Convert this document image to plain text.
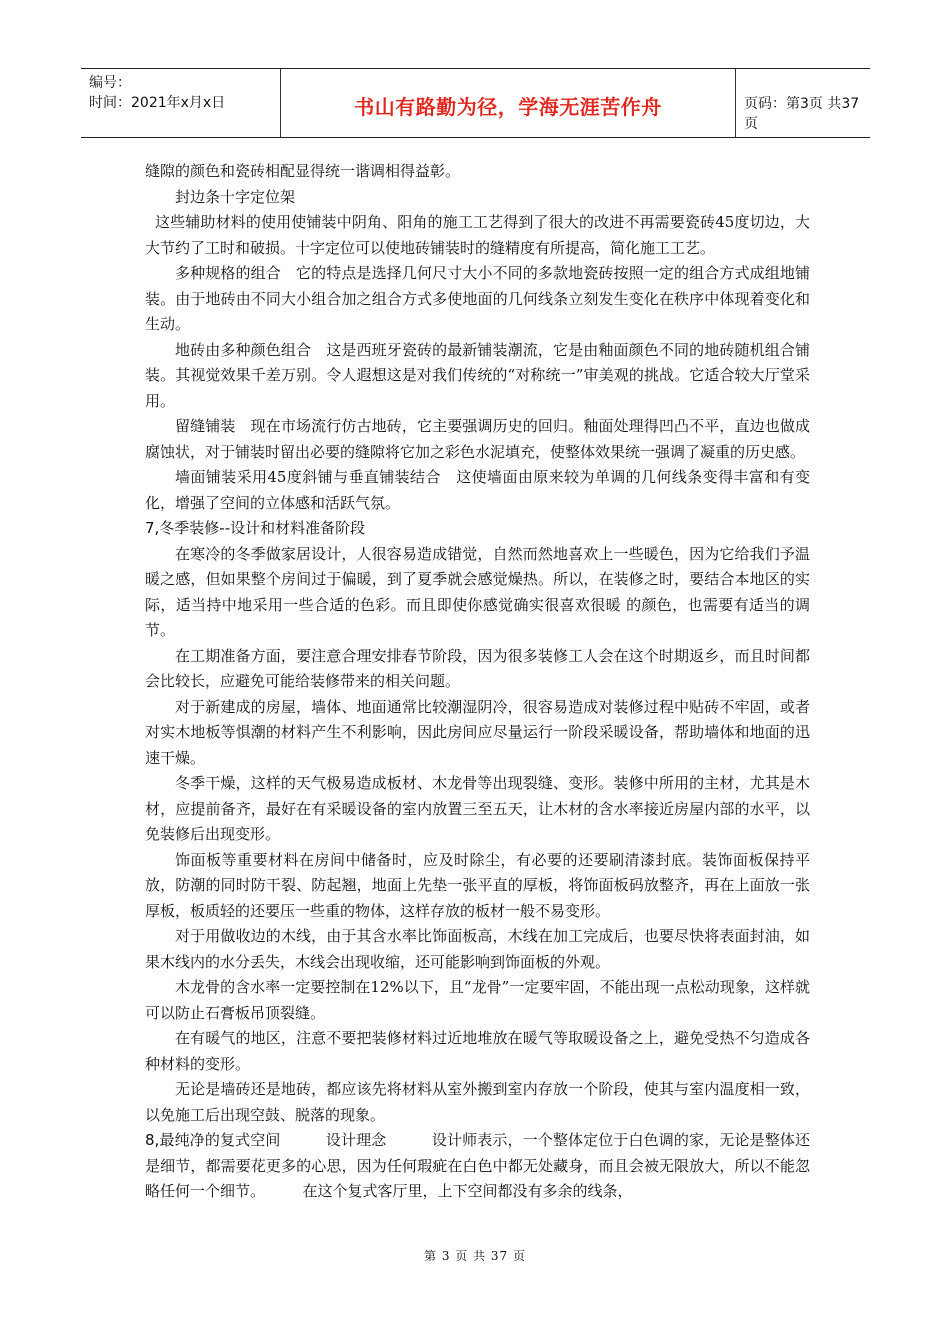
编号：
时间：2021年x月x日	书山有路勤为径，学海无涯苦作舟	页码：第3页 共37页

缝隙的颜色和瓷砖相配显得统一谐调相得益彰。

封边条十字定位架

这些辅助材料的使用使铺装中阴角、阳角的施工工艺得到了很大的改进不再需要瓷砖45度切边，大大节约了工时和破损。十字定位可以使地砖铺装时的缝精度有所提高，简化施工工艺。

多种规格的组合　它的特点是选择几何尺寸大小不同的多款地瓷砖按照一定的组合方式成组地铺装。由于地砖由不同大小组合加之组合方式多使地面的几何线条立刻发生变化在秩序中体现着变化和生动。

地砖由多种颜色组合　这是西班牙瓷砖的最新铺装潮流，它是由釉面颜色不同的地砖随机组合铺装。其视觉效果千差万别。令人遐想这是对我们传统的“对称统一”审美观的挑战。它适合较大厅堂采用。

留缝铺装　现在市场流行仿古地砖，它主要强调历史的回归。釉面处理得凹凸不平，直边也做成腐蚀状，对于铺装时留出必要的缝隙将它加之彩色水泥填充，使整体效果统一强调了凝重的历史感。

墙面铺装采用45度斜铺与垂直铺装结合　这使墙面由原来较为单调的几何线条变得丰富和有变化，增强了空间的立体感和活跃气氛。

7,冬季装修--设计和材料准备阶段

在寒冷的冬季做家居设计，人很容易造成错觉，自然而然地喜欢上一些暖色，因为它给我们予温暖之感，但如果整个房间过于偏暖，到了夏季就会感觉燥热。所以，在装修之时，要结合本地区的实际，适当持中地采用一些合适的色彩。而且即使你感觉确实很喜欢很暖 的颜色，也需要有适当的调节。

在工期准备方面，要注意合理安排春节阶段，因为很多装修工人会在这个时期返乡，而且时间都会比较长，应避免可能给装修带来的相关问题。

对于新建成的房屋，墙体、地面通常比较潮湿阴冷，很容易造成对装修过程中贴砖不牢固，或者对实木地板等惧潮的材料产生不利影响，因此房间应尽量运行一阶段采暖设备，帮助墙体和地面的迅速干燥。

冬季干燥，这样的天气极易造成板材、木龙骨等出现裂缝、变形。装修中所用的主材，尤其是木材，应提前备齐，最好在有采暖设备的室内放置三至五天，让木材的含水率接近房屋内部的水平，以免装修后出现变形。

饰面板等重要材料在房间中储备时，应及时除尘，有必要的还要刷清漆封底。装饰面板保持平放，防潮的同时防干裂、防起翘，地面上先垫一张平直的厚板，将饰面板码放整齐，再在上面放一张厚板，板质轻的还要压一些重的物体，这样存放的板材一般不易变形。

对于用做收边的木线，由于其含水率比饰面板高，木线在加工完成后，也要尽快将表面封油，如果木线内的水分丢失，木线会出现收缩，还可能影响到饰面板的外观。

木龙骨的含水率一定要控制在12%以下，且“龙骨”一定要牢固，不能出现一点松动现象，这样就可以防止石膏板吊顶裂缝。

在有暖气的地区，注意不要把装修材料过近地堆放在暖气等取暖设备之上，避免受热不匀造成各种材料的变形。

无论是墙砖还是地砖，都应该先将材料从室外搬到室内存放一个阶段，使其与室内温度相一致，以免施工后出现空鼓、脱落的现象。

8,最纯净的复式空间　　　设计理念　　　设计师表示，一个整体定位于白色调的家，无论是整体还是细节，都需要花更多的心思，因为任何瑕疵在白色中都无处藏身，而且会被无限放大，所以不能忽略任何一个细节。　　　在这个复式客厅里，上下空间都没有多余的线条，

第 3 页 共 37 页
